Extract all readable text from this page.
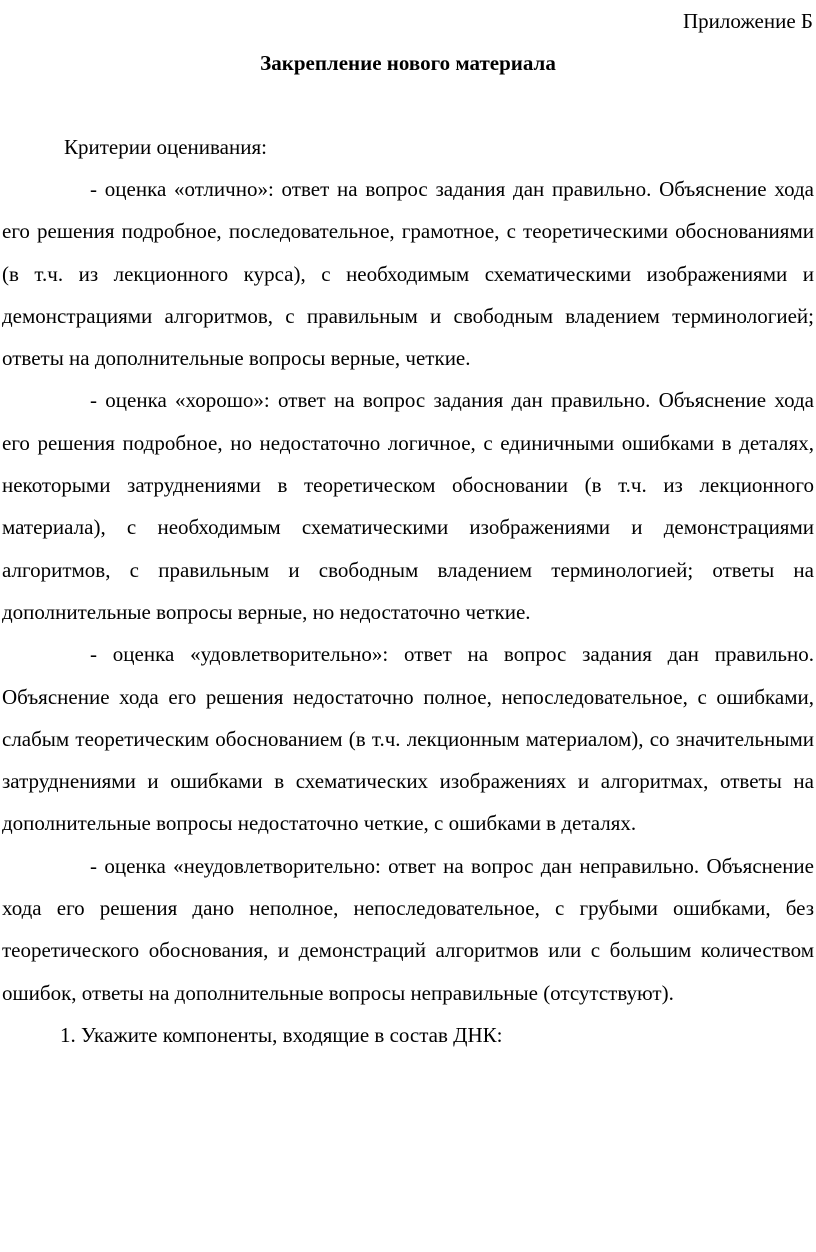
Приложение Б

Закрепление нового материала

Критерии оценивания:

- оценка «отлично»: ответ на вопрос задания дан правильно. Объяснение хода его решения подробное, последовательное, грамотное, с теоретическими обоснованиями (в т.ч. из лекционного курса), с необходимым схематическими изображениями и демонстрациями алгоритмов, с правильным и свободным владением терминологией; ответы на дополнительные вопросы верные, четкие.

- оценка «хорошо»: ответ на вопрос задания дан правильно. Объяснение хода его решения подробное, но недостаточно логичное, с единичными ошибками в деталях, некоторыми затруднениями в теоретическом обосновании (в т.ч. из лекционного материала), с необходимым схематическими изображениями и демонстрациями алгоритмов, с правильным и свободным владением терминологией; ответы на дополнительные вопросы верные, но недостаточно четкие.

- оценка «удовлетворительно»: ответ на вопрос задания дан правильно. Объяснение хода его решения недостаточно полное, непоследовательное, с ошибками, слабым теоретическим обоснованием (в т.ч. лекционным материалом), со значительными затруднениями и ошибками в схематических изображениях и алгоритмах, ответы на дополнительные вопросы недостаточно четкие, с ошибками в деталях.

- оценка «неудовлетворительно: ответ на вопрос дан неправильно. Объяснение хода его решения дано неполное, непоследовательное, с грубыми ошибками, без теоретического обоснования, и демонстраций алгоритмов или с большим количеством ошибок, ответы на дополнительные вопросы неправильные (отсутствуют).

1. Укажите компоненты, входящие в состав ДНК:
